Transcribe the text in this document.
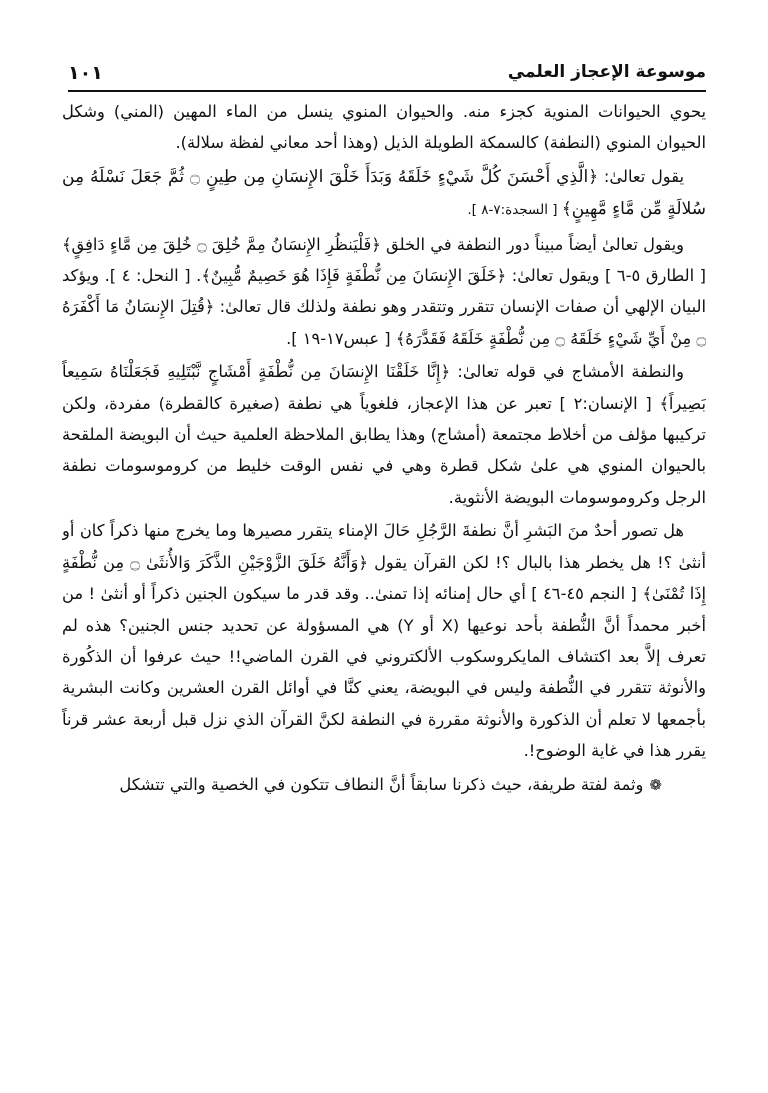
١٠١	موسوعة الإعجاز العلمي

يحوي الحيوانات المنوية كجزء منه. والحيوان المنوي ينسل من الماء المهين (المني) وشكل الحيوان المنوي (النطفة) كالسمكة الطويلة الذيل (وهذا أحد معاني لفظة سلالة).

يقول تعالىٰ: ﴿الَّذِي أَحْسَنَ كُلَّ شَيْءٍ خَلَقَهُ وَبَدَأَ خَلْقَ الإِنسَانِ مِن طِينٍ ۝ ثُمَّ جَعَلَ نَسْلَهُ مِن سُلالَةٍ مِّن مَّاءٍ مَّهِينٍ﴾ [ السجدة:٧-٨ ].

ويقول تعالىٰ أيضاً مبيناً دور النطفة في الخلق ﴿فَلْيَنظُرِ الإِنسَانُ مِمَّ خُلِقَ ۝ خُلِقَ مِن مَّاءٍ دَافِقٍ﴾ [ الطارق ٥-٦ ] ويقول تعالىٰ: ﴿خَلَقَ الإِنسَانَ مِن نُّطْفَةٍ فَإِذَا هُوَ خَصِيمٌ مُّبِينٌ﴾. [ النحل: ٤ ]. ويؤكد البيان الإلهي أن صفات الإنسان تتقرر وتتقدر وهو نطفة ولذلك قال تعالىٰ: ﴿قُتِلَ الإِنسَانُ مَا أَكْفَرَهُ ۝ مِنْ أَيِّ شَيْءٍ خَلَقَهُ ۝ مِن نُّطْفَةٍ خَلَقَهُ فَقَدَّرَهُ﴾ [ عبس١٧-١٩ ].

والنطفة الأمشاج في قوله تعالىٰ: ﴿إِنَّا خَلَقْنَا الإِنسَانَ مِن نُّطْفَةٍ أَمْشَاجٍ نَّبْتَلِيهِ فَجَعَلْنَاهُ سَمِيعاً بَصِيراً﴾ [ الإنسان:٢ ] تعبر عن هذا الإعجاز، فلغوياً هي نطفة (صغيرة كالقطرة) مفردة، ولكن تركيبها مؤلف من أخلاط مجتمعة (أمشاج) وهذا يطابق الملاحظة العلمية حيث أن البويضة الملقحة بالحيوان المنوي هي علىٰ شكل قطرة وهي في نفس الوقت خليط من كروموسومات نطفة الرجل وكروموسومات البويضة الأنثوية.

هل تصور أحدٌ منَ البَشرِ أنَّ نطفةَ الرَّجُلِ حَالَ الإمناء يتقرر مصيرها وما يخرج منها ذكراً كان أو أنثىٰ ؟! هل يخطر هذا بالبال ؟! لكن القرآن يقول ﴿وَأَنَّهُ خَلَقَ الزَّوْجَيْنِ الذَّكَرَ وَالأُنثَىٰ ۝ مِن نُّطْفَةٍ إِذَا تُمْنَىٰ﴾ [ النجم ٤٥-٤٦ ] أي حال إمنائه إذا تمنىٰ.. وقد قدر ما سيكون الجنين ذكراً أو أنثىٰ ! من أخبر محمداً أنَّ النُّطفة بأحد نوعيها (X أو Y) هي المسؤولة عن تحديد جنس الجنين؟ هذه لم تعرف إلاَّ بعد اكتشاف المايكروسكوب الألكتروني في القرن الماضي!! حيث عرفوا أن الذكُورة والأنوثة تتقرر في النُّطفة وليس في البويضة، يعني كنَّا في أوائل القرن العشرين وكانت البشرية بأجمعها لا تعلم أن الذكورة والأنوثة مقررة في النطفة لكنَّ القرآن الذي نزل قبل أربعة عشر قرناً يقرر هذا في غاية الوضوح!.

❁وثمة لفتة طريفة، حيث ذكرنا سابقاً أنَّ النطاف تتكون في الخصية والتي تتشكل
